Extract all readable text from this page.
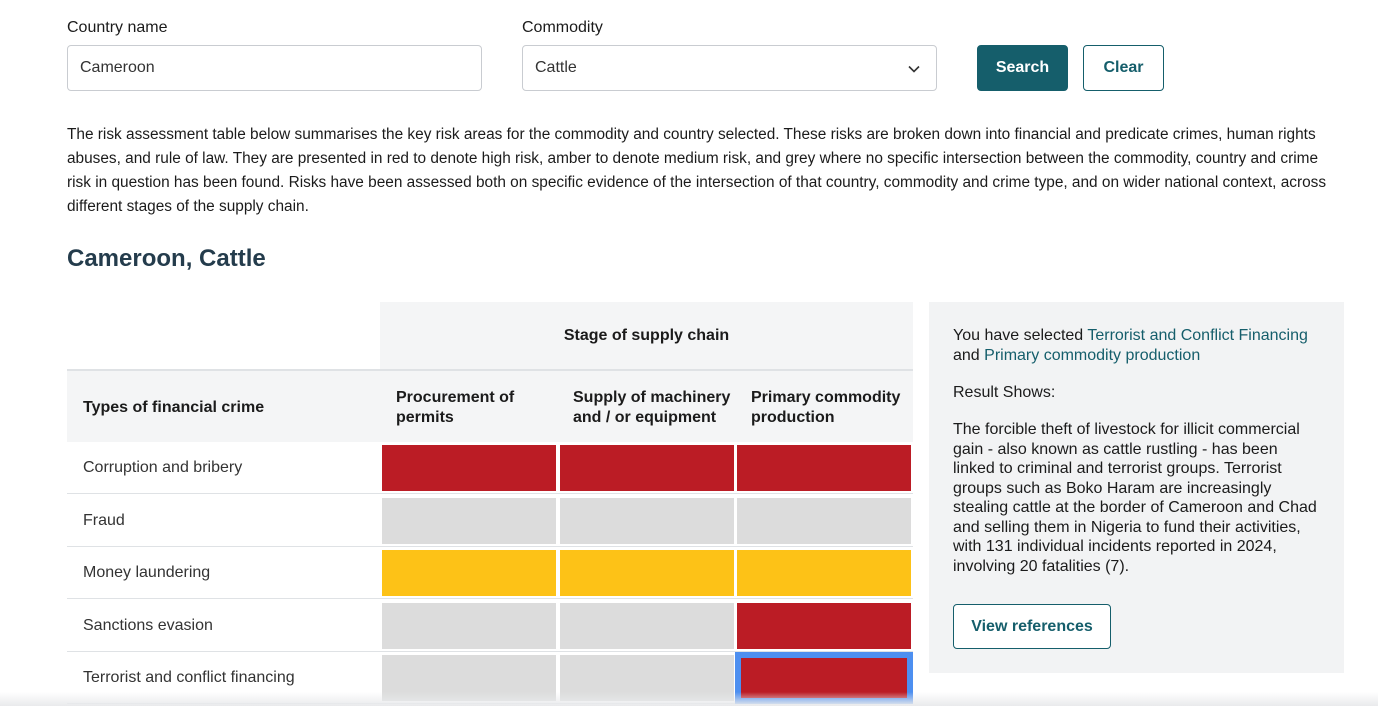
Country name
Cameroon
Commodity
Cattle	Search	Clear

The risk assessment table below summarises the key risk areas for the commodity and country selected. These risks are broken down into financial and predicate crimes, human rights abuses, and rule of law. They are presented in red to denote high risk, amber to denote medium risk, and grey where no specific intersection between the commodity, country and crime risk in question has been found. Risks have been assessed both on specific evidence of the intersection of that country, commodity and crime type, and on wider national context, across different stages of the supply chain.

Cameroon, Cattle
Stage of supply chain
Types of financial crime
Procurement of permits
Supply of machinery and / or equipment
Primary commodity production
Corruption and bribery
Fraud
Money laundering
Sanctions evasion
Terrorist and conflict financing

You have selected Terrorist and Conflict Financing
and Primary commodity production

Result Shows:

The forcible theft of livestock for illicit commercial gain - also known as cattle rustling - has been linked to criminal and terrorist groups. Terrorist groups such as Boko Haram are increasingly stealing cattle at the border of Cameroon and Chad and selling them in Nigeria to fund their activities, with 131 individual incidents reported in 2024, involving 20 fatalities (7).

View references
